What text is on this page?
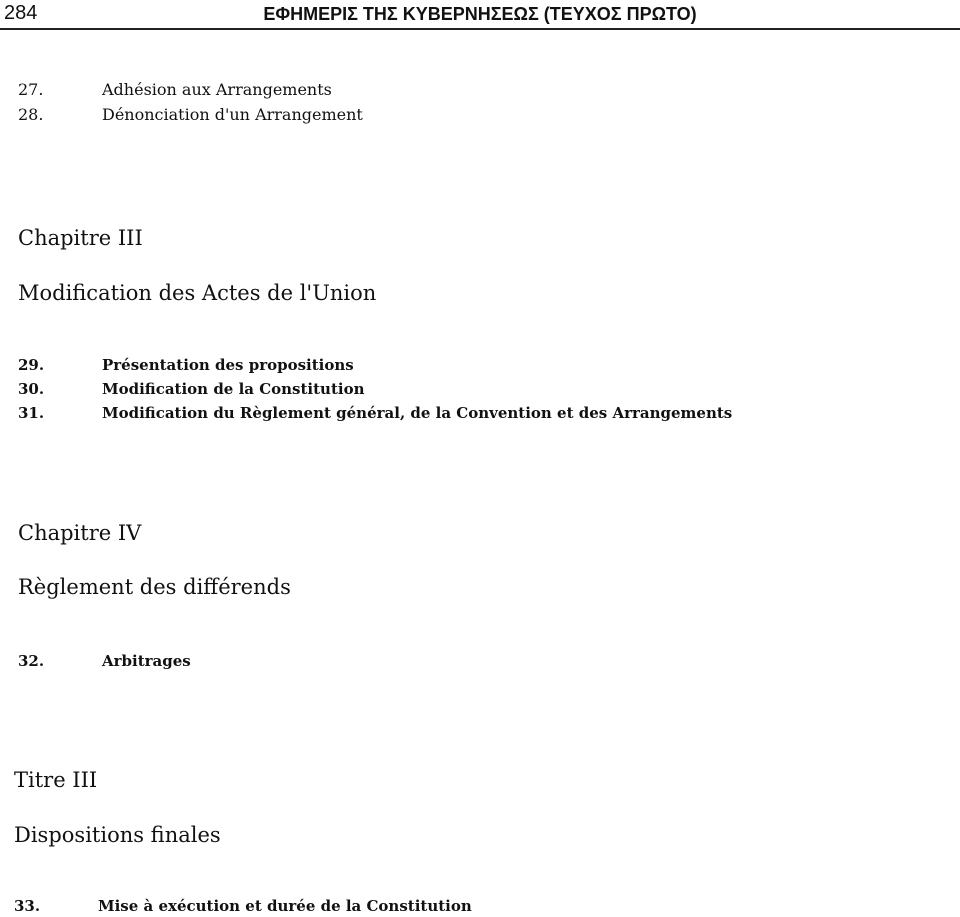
284	ΕΦΗΜΕΡΙΣ ΤΗΣ ΚΥΒΕΡΝΗΣΕΩΣ (ΤΕΥΧΟΣ ΠΡΩΤΟ)
27.	Adhésion aux Arrangements
28.	Dénonciation d'un Arrangement
Chapitre III
Modification des Actes de l'Union
29.	Présentation des propositions
30.	Modification de la Constitution
31.	Modification du Règlement général, de la Convention et des Arrangements
Chapitre IV
Règlement des différends
32.	Arbitrages
Titre III
Dispositions finales
33.	Mise à exécution et durée de la Constitution
